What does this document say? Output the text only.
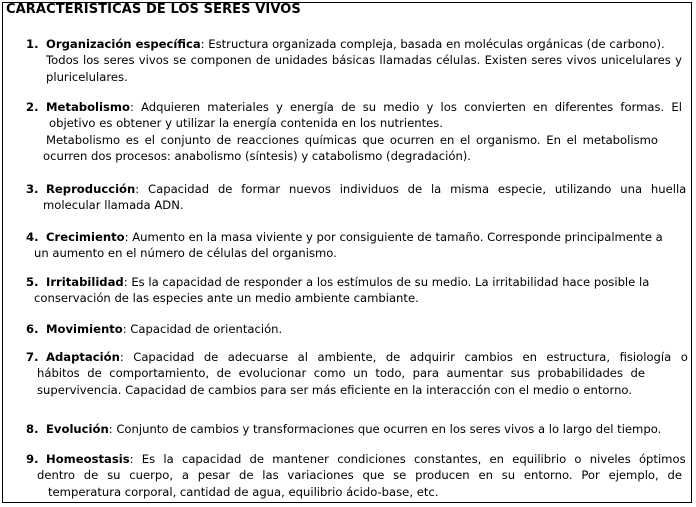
CARACTERISTICAS DE LOS SERES VIVOS
1. Organización específica: Estructura organizada compleja, basada en moléculas orgánicas (de carbono).
Todos los seres vivos se componen de unidades básicas llamadas células. Existen seres vivos unicelulares y
pluricelulares.
2. Metabolismo: Adquieren materiales y energía de su medio y los convierten en diferentes formas. El
objetivo es obtener y utilizar la energía contenida en los nutrientes.
Metabolismo es el conjunto de reacciones químicas que ocurren en el organismo. En el metabolismo
ocurren dos procesos: anabolismo (síntesis) y catabolismo (degradación).
3. Reproducción: Capacidad de formar nuevos individuos de la misma especie, utilizando una huella
molecular llamada ADN.
4. Crecimiento: Aumento en la masa viviente y por consiguiente de tamaño. Corresponde principalmente a
un aumento en el número de células del organismo.
5. Irritabilidad: Es la capacidad de responder a los estímulos de su medio. La irritabilidad hace posible la
conservación de las especies ante un medio ambiente cambiante.
6. Movimiento: Capacidad de orientación.
7. Adaptación: Capacidad de adecuarse al ambiente, de adquirir cambios en estructura, fisiología o
hábitos de comportamiento, de evolucionar como un todo, para aumentar sus probabilidades de
supervivencia. Capacidad de cambios para ser más eficiente en la interacción con el medio o entorno.
8. Evolución: Conjunto de cambios y transformaciones que ocurren en los seres vivos a lo largo del tiempo.
9. Homeostasis: Es la capacidad de mantener condiciones constantes, en equilibrio o niveles óptimos
dentro de su cuerpo, a pesar de las variaciones que se producen en su entorno. Por ejemplo, de
temperatura corporal, cantidad de agua, equilibrio ácido-base, etc.
